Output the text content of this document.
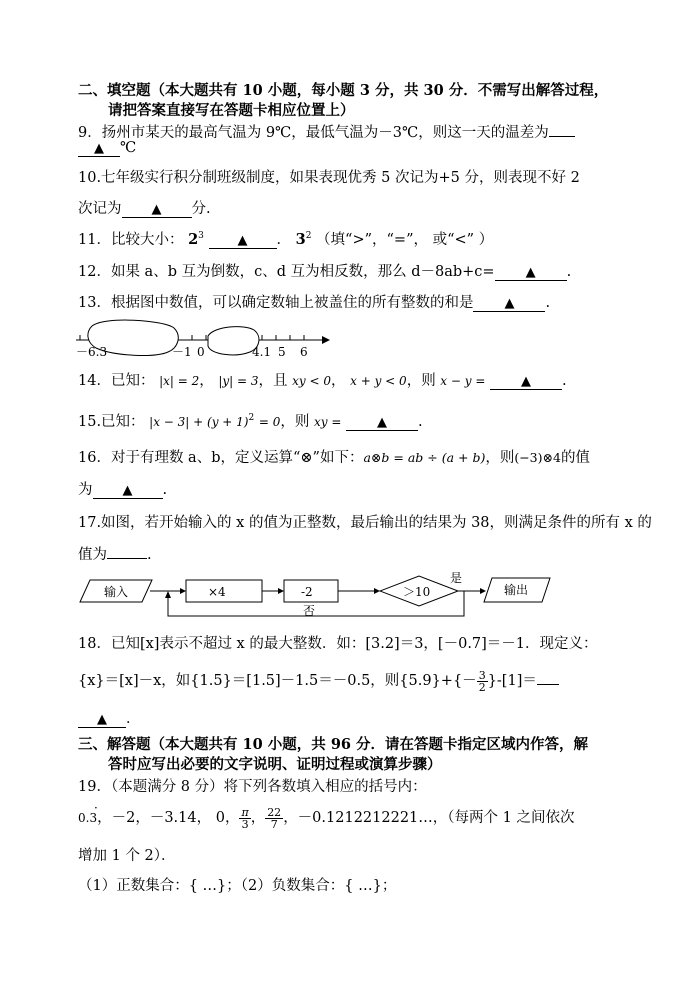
二、填空题（本大题共有 10 小题，每小题 3 分，共 30 分．不需写出解答过程，
请把答案直接写在答题卡相应位置上）
9．扬州市某天的最高气温为 9℃，最低气温为－3℃，则这一天的温差为
▲ ℃
10.七年级实行积分制班级制度，如果表现优秀 5 次记为+5 分，则表现不好 2
次记为 ▲ 分.
11．比较大小： $2^3$	▲ ． $3^2$ （填“>”，“=”， 或“<” ）
12．如果 a、b 互为倒数，c、d 互为相反数，那么 d－8ab+c= ▲ .
13．根据图中数值，可以确定数轴上被盖住的所有整数的和是 ▲ .
－6.3	－1 0	4.1 5 6
14．已知： |x| = 2， |y| = 3，且 xy < 0， x + y < 0，则 x − y =	▲ .
15.已知： $|x - 3| + (y + 1)^2 = 0$，则 xy =	▲ .
16．对于有理数 a、b，定义运算“⊗”如下：a⊗b = ab ÷ (a + b)，则(−3)⊗4的值
为 ▲ .
17.如图，若开始输入的 x 的值为正整数，最后输出的结果为 38，则满足条件的所有 x 的
值为	.
输入	×4	-2	＞10
是
输出
否
18．已知[x]表示不超过 x 的最大整数．如：[3.2]＝3，[－0.7]＝－1．现定义：
{x}＝[x]－x，如{1.5}＝[1.5]－1.5＝－0.5，则$\{5.9\}+\{- \frac{3}{2} \}-[1]=$
▲ ．
三、解答题（本大题共有 10 小题，共 96 分．请在答题卡指定区域内作答，解
答时应写出必要的文字说明、证明过程或演算步骤）
19．（本题满分 8 分）将下列各数填入相应的括号内：
0.3
·
，－2，－3.14， 0， $\frac{\pi}{3}$ ， $\frac{22}{7}$ ，－0.1212212221…，（每两个 1 之间依次
增加 1 个 2）．
（1）正数集合：{ …}；（2）负数集合：{ …}；
